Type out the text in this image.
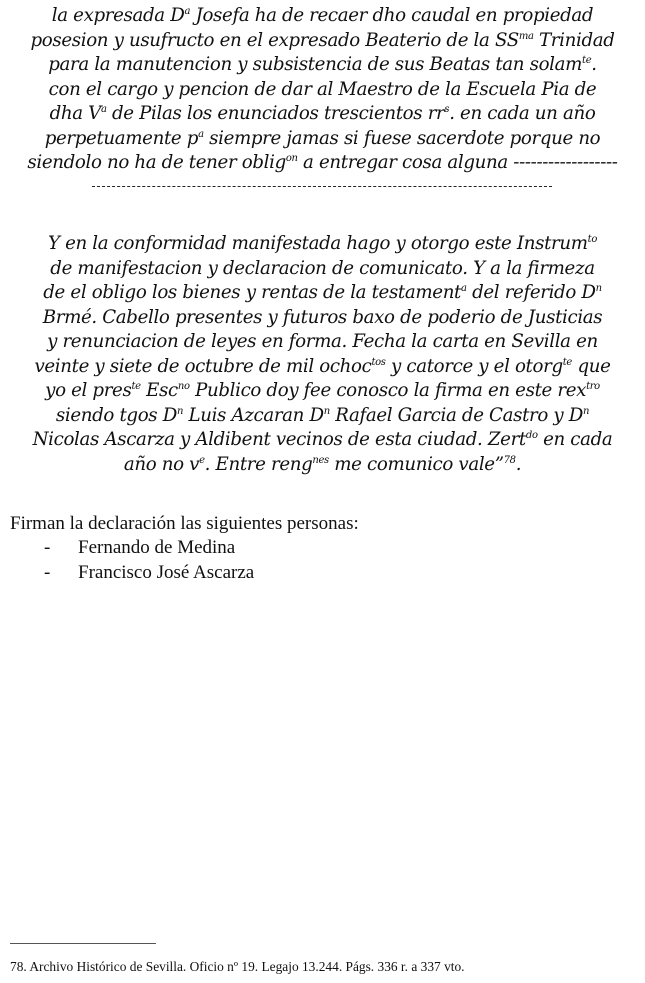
la expresada $D^a$ Josefa ha de recaer dho caudal en propiedad
posesion y usufructo en el expresado Beaterio de la $SS^{ma}$ Trinidad
para la manutencion y subsistencia de sus Beatas tan solam$^{te}$.
con el cargo y pencion de dar al Maestro de la Escuela Pia de
dha $V^a$ de Pilas los enunciados trescientos $rr^s$. en cada un año
perpetuamente $p^a$ siempre jamas si fuese sacerdote porque no
siendolo no ha de tener oblig$^{on}$ a entregar cosa alguna ------------------
Y en la conformidad manifestada hago y otorgo este Instrum$^{to}$
de manifestacion y declaracion de comunicato. Y a la firmeza
de el obligo los bienes y rentas de la testament$^a$ del referido $D^n$
Brmé. Cabello presentes y futuros baxo de poderio de Justicias
y renunciacion de leyes en forma. Fecha la carta en Sevilla en
veinte y siete de octubre de mil ochoc$^{tos}$ y catorce y el otorg$^{te}$ que
yo el pres$^{te}$ Esc$^{no}$ Publico doy fee conosco la firma en este rex$^{tro}$
siendo tgos $D^n$ Luis Azcaran $D^n$ Rafael Garcia de Castro y $D^n$
Nicolas Ascarza y Aldibent vecinos de esta ciudad. Zert$^{do}$ en cada
año no $v^e$. Entre reng$^{nes}$ me comunico vale”$^{78}$.
Firman la declaración las siguientes personas:
- Fernando de Medina
- Francisco José Ascarza
78. Archivo Histórico de Sevilla. Oficio nº 19. Legajo 13.244. Págs. 336 r. a 337 vto.
